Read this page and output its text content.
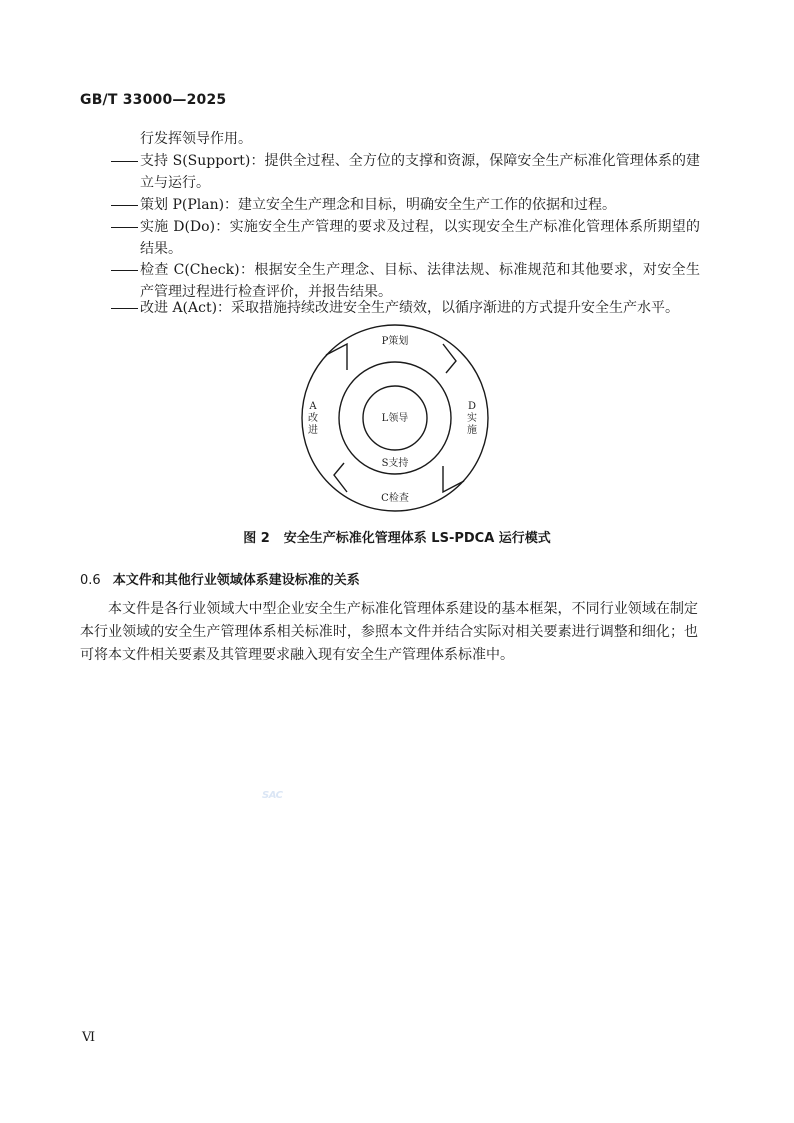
GB/T 33000—2025
行发挥领导作用。
支持 S(Support)：提供全过程、全方位的支撑和资源，保障安全生产标准化管理体系的建立与运行。
策划 P(Plan)：建立安全生产理念和目标，明确安全生产工作的依据和过程。
实施 D(Do)：实施安全生产管理的要求及过程，以实现安全生产标准化管理体系所期望的结果。
检查 C(Check)：根据安全生产理念、目标、法律法规、标准规范和其他要求，对安全生产管理过程进行检查评价，并报告结果。
改进 A(Act)：采取措施持续改进安全生产绩效，以循序渐进的方式提升安全生产水平。
P策划
D
实
施
A
改
进
L领导
S支持
C检查
图 2 安全生产标准化管理体系 LS-PDCA 运行模式
0.6 本文件和其他行业领域体系建设标准的关系
本文件是各行业领域大中型企业安全生产标准化管理体系建设的基本框架，不同行业领域在制定本行业领域的安全生产管理体系相关标准时，参照本文件并结合实际对相关要素进行调整和细化；也可将本文件相关要素及其管理要求融入现有安全生产管理体系标准中。
SAC
Ⅵ
